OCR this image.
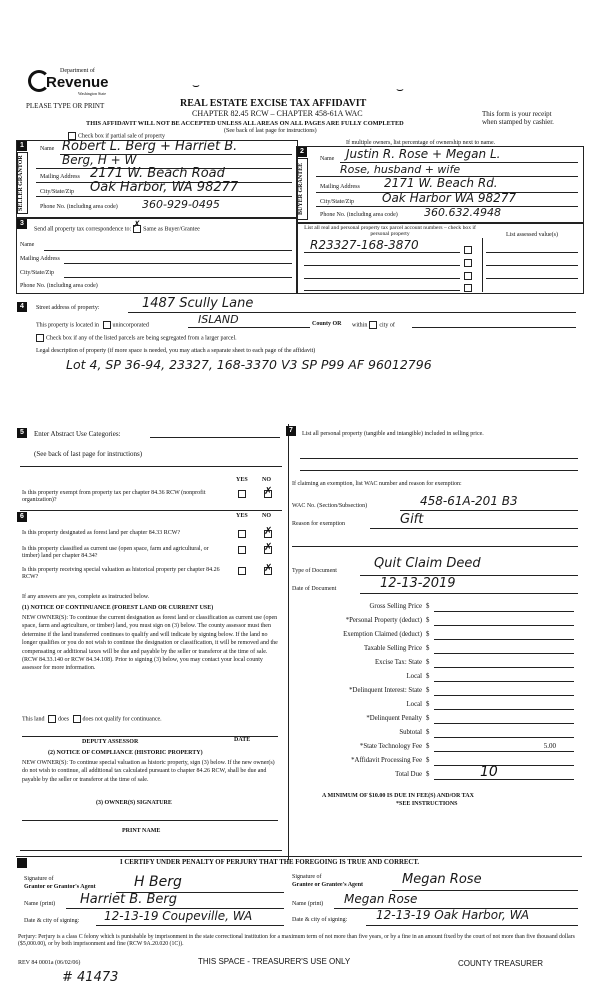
⌣	⌣
Department of
Revenue
Washington State
PLEASE TYPE OR PRINT	REAL ESTATE EXCISE TAX AFFIDAVIT
CHAPTER 82.45 RCW – CHAPTER 458-61A WAC
THIS AFFIDAVIT WILL NOT BE ACCEPTED UNLESS ALL AREAS ON ALL PAGES ARE FULLY COMPLETED
(See back of last page for instructions)
This form is your receipt
when stamped by cashier.
Check box if partial sale of property
If multiple owners, list percentage of ownership next to name.
1
SELLER GRANTOR
Name Robert L. Berg + Harriet B.
Berg, H + W
Mailing Address 2171 W. Beach Road
City/State/Zip Oak Harbor, WA 98277
Phone No. (including area code) 360-929-0495
2
BUYER GRANTEE
Name Justin R. Rose + Megan L.
Rose, husband + wife
Mailing Address 2171 W. Beach Rd.
City/State/Zip Oak Harbor WA 98277
Phone No. (including area code) 360.632.4948
3
Send all property tax correspondence to:
✗
Same as Buyer/Grantee
Name
Mailing Address
City/State/Zip
Phone No. (including area code)
List all real and personal property tax parcel account numbers – check box if personal property	List assessed value(s)
R23327-168-3870
4	Street address of property:	1487 Scully Lane
This property is located in unincorporated	ISLAND	County OR within city of
Check box if any of the listed parcels are being segregated from a larger parcel.
Legal description of property (if more space is needed, you may attach a separate sheet to each page of the affidavit)
Lot 4, SP 36-94, 23327, 168-3370 V3 SP P99 AF 96012796
5	Enter Abstract Use Categories:
(See back of last page for instructions)
YES NO
Is this property exempt from property tax per chapter 84.36 RCW (nonprofit organization)?
✗
6	YES NO
Is this property designated as forest land per chapter 84.33 RCW?	✗
Is this property classified as current use (open space, farm and agricultural, or timber) land per chapter 84.34?
✗
Is this property receiving special valuation as historical property per chapter 84.26 RCW?
✗
If any answers are yes, complete as instructed below.
(1) NOTICE OF CONTINUANCE (FOREST LAND OR CURRENT USE)
NEW OWNER(S): To continue the current designation as forest land or classification as current use (open space, farm and agriculture, or timber) land, you must sign on (3) below. The county assessor must then determine if the land transferred continues to qualify and will indicate by signing below. If the land no longer qualifies or you do not wish to continue the designation or classification, it will be removed and the compensating or additional taxes will be due and payable by the seller or transferor at the time of sale. (RCW 84.33.140 or RCW 84.34.108). Prior to signing (3) below, you may contact your local county assessor for more information.
This land does does not qualify for continuance.
DEPUTY ASSESSOR	DATE
(2) NOTICE OF COMPLIANCE (HISTORIC PROPERTY)
NEW OWNER(S): To continue special valuation as historic property, sign (3) below. If the new owner(s) do not wish to continue, all additional tax calculated pursuant to chapter 84.26 RCW, shall be due and payable by the seller or transferor at the time of sale.
(3) OWNER(S) SIGNATURE
PRINT NAME
7	List all personal property (tangible and intangible) included in selling price.
If claiming an exemption, list WAC number and reason for exemption:
WAC No. (Section/Subsection)	458-61A-201 B3
Reason for exemption	Gift
Type of Document	Quit Claim Deed
Date of Document	12-13-2019
Gross Selling Price $
*Personal Property (deduct) $
Exemption Claimed (deduct) $
Taxable Selling Price $
Excise Tax: State $
Local $
*Delinquent Interest: State $
Local $
*Delinquent Penalty $
Subtotal $
*State Technology Fee $	5.00
*Affidavit Processing Fee $
Total Due $	10
A MINIMUM OF $10.00 IS DUE IN FEE(S) AND/OR TAX
*SEE INSTRUCTIONS
I CERTIFY UNDER PENALTY OF PERJURY THAT THE FOREGOING IS TRUE AND CORRECT.
Signature of
Grantor or Grantor's Agent	H Berg
Name (print) Harriet B. Berg
Date & city of signing: 12-13-19 Coupeville, WA
Signature of
Grantee or Grantee's Agent	Megan Rose
Name (print) Megan Rose
Date & city of signing: 12-13-19 Oak Harbor, WA
Perjury: Perjury is a class C felony which is punishable by imprisonment in the state correctional institution for a maximum term of not more than five years, or by a fine in an amount fixed by the court of not more than five thousand dollars ($5,000.00), or by both imprisonment and fine (RCW 9A.20.020 (1C)).
REV 84 0001a (06/02/06)	THIS SPACE - TREASURER'S USE ONLY	COUNTY TREASURER
# 41473
